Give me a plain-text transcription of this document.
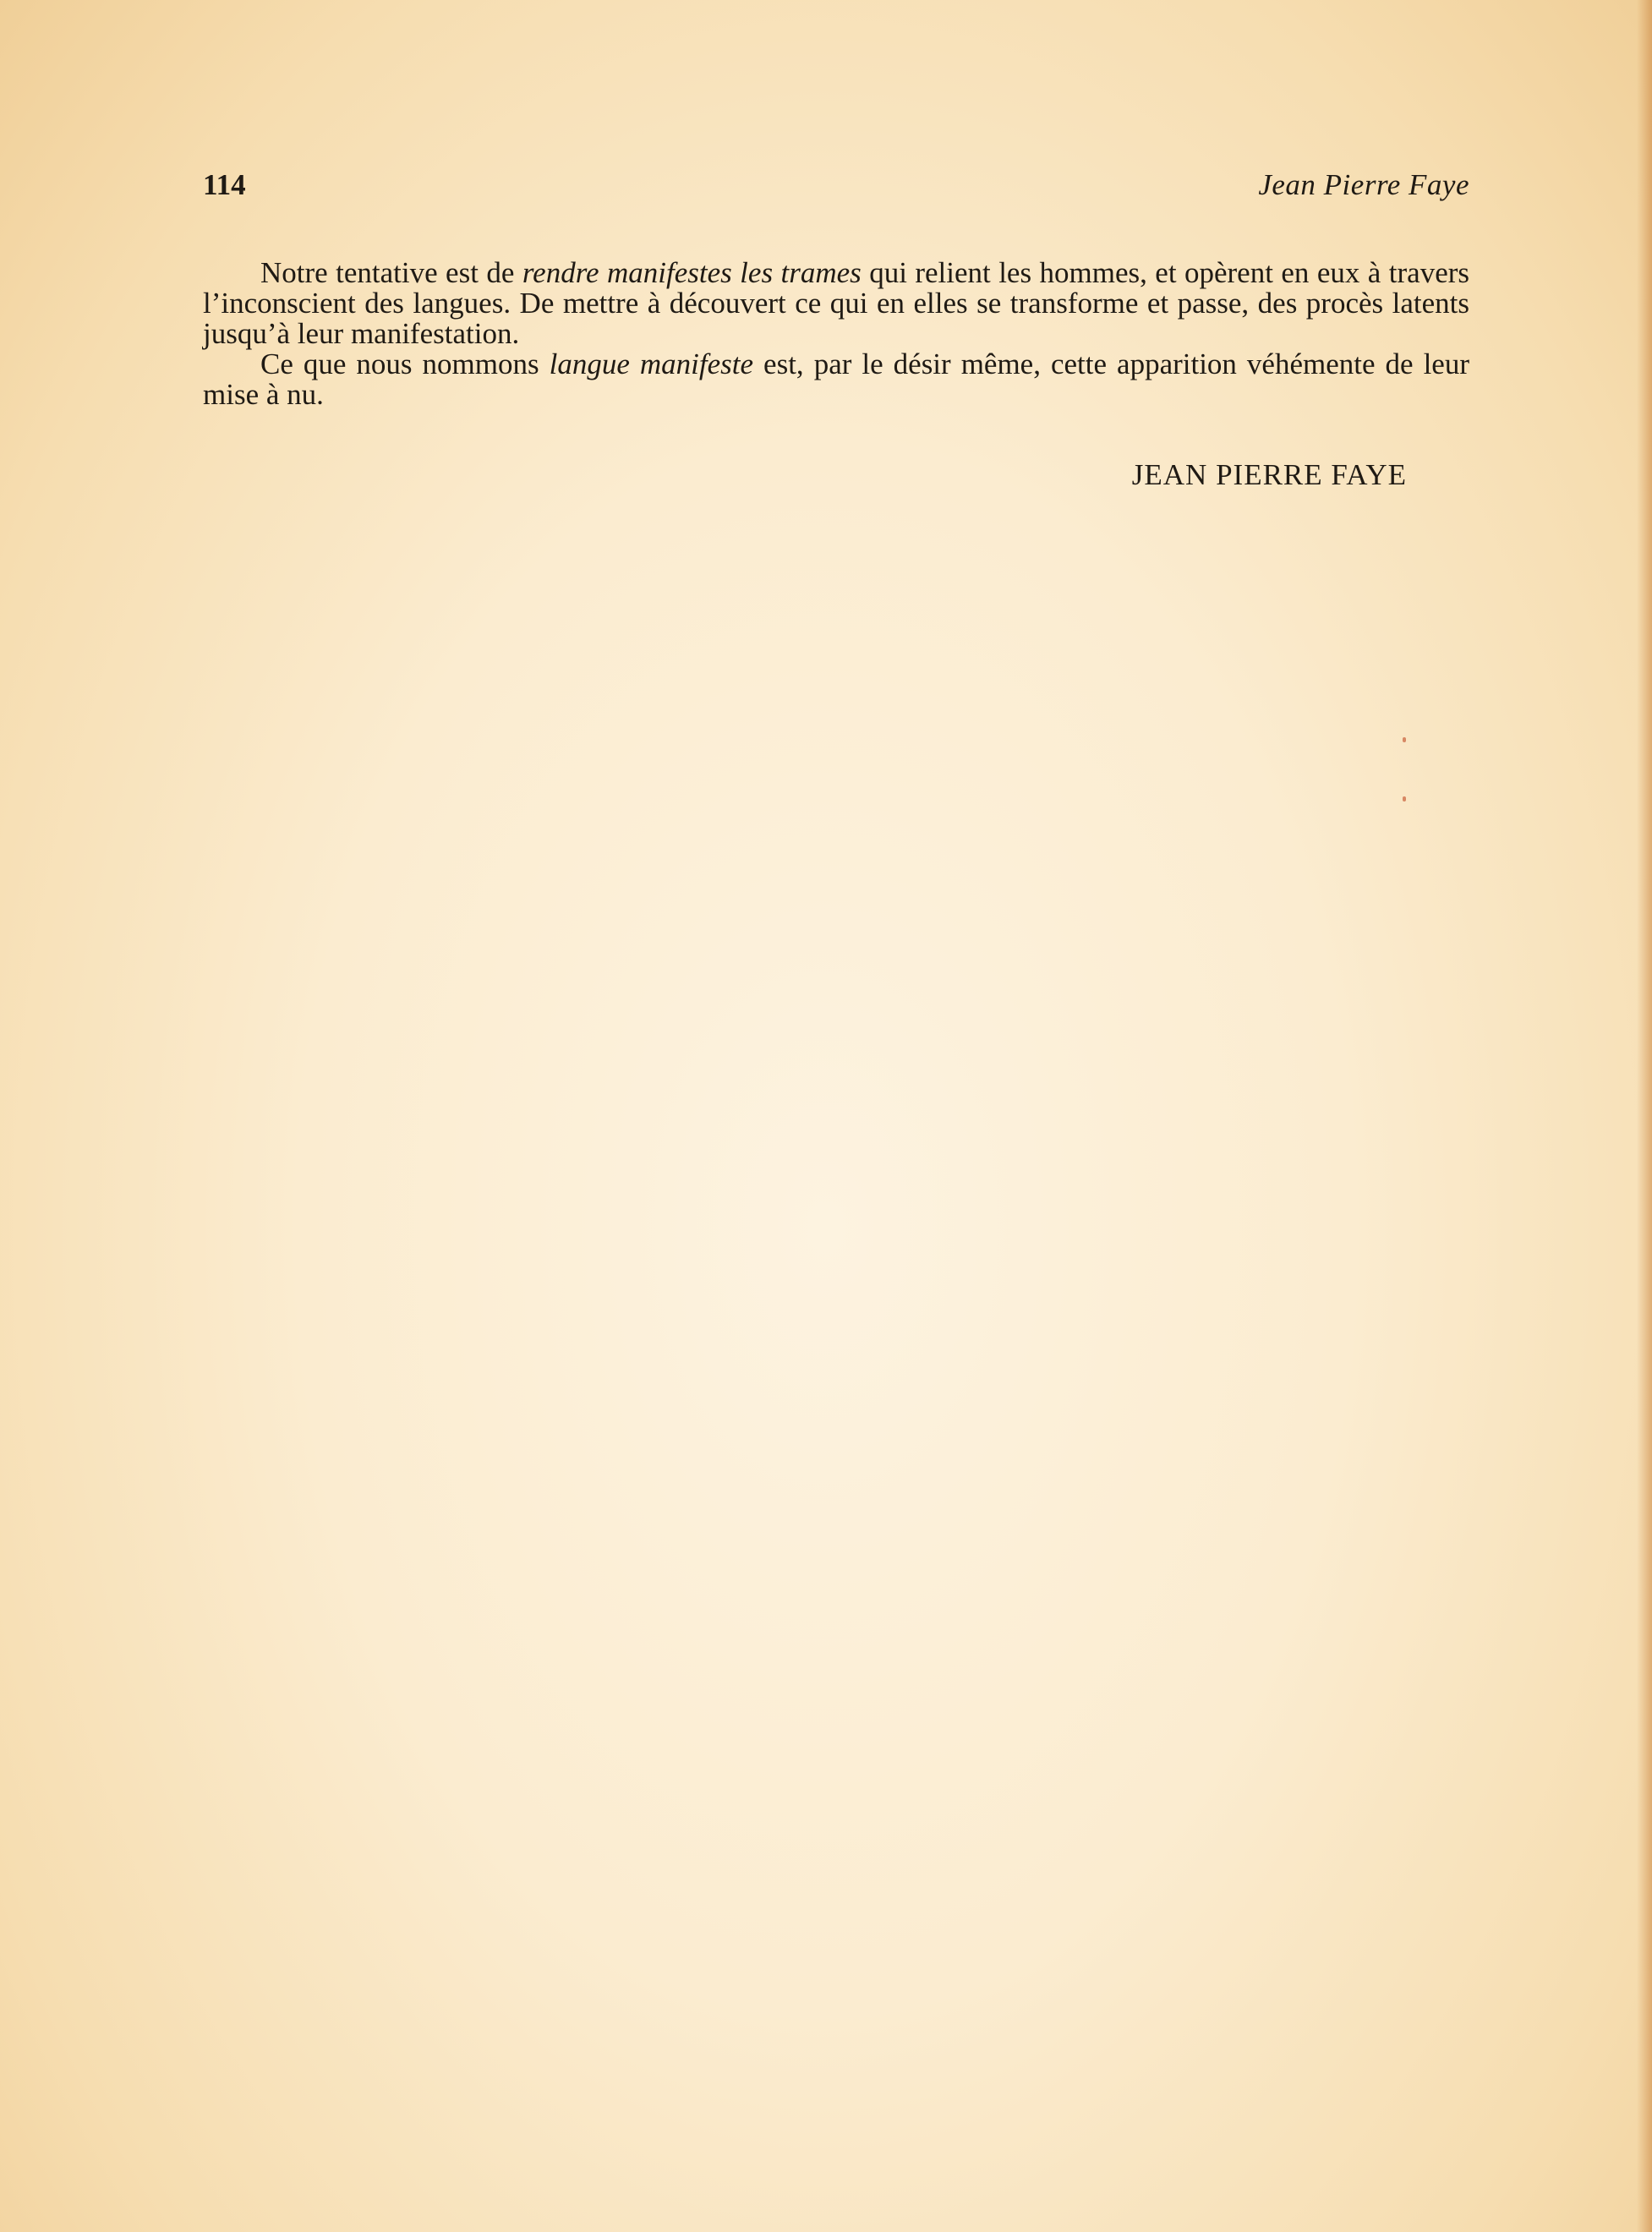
114	Jean Pierre Faye

Notre tentative est de rendre manifestes les trames qui relient les hommes, et opèrent en eux à travers l’inconscient des langues. De mettre à découvert ce qui en elles se transforme et passe, des procès latents jusqu’à leur manifestation.

Ce que nous nommons langue manifeste est, par le désir même, cette apparition véhémente de leur mise à nu.

JEAN PIERRE FAYE
